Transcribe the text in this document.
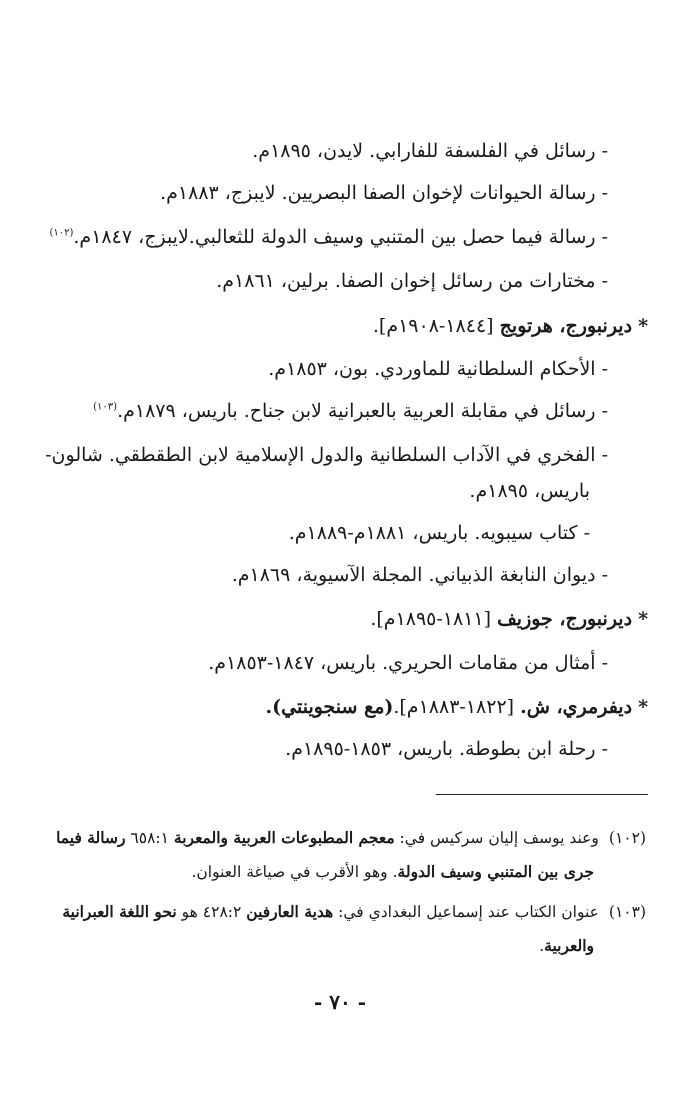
-رسائل في الفلسفة للفارابي. لايدن، ١٨٩٥م.
-رسالة الحيوانات لإخوان الصفا البصريين. لايبزج، ١٨٨٣م.
-رسالة فيما حصل بين المتنبي وسيف الدولة للثعالبي.لايبزج، ١٨٤٧م.$^{(١٠٢)}$
-مختارات من رسائل إخوان الصفا. برلين، ١٨٦١م.
*ديرنبورج، هرتويج [١٨٤٤-١٩٠٨م].
-الأحكام السلطانية للماوردي. بون، ١٨٥٣م.
-رسائل في مقابلة العربية بالعبرانية لابن جناح. باريس، ١٨٧٩م.$^{(١٠٣)}$
-الفخري في الآداب السلطانية والدول الإسلامية لابن الطقطقي. شالون-
باريس، ١٨٩٥م.
-كتاب سيبويه. باريس، ١٨٨١م-١٨٨٩م.
-ديوان النابغة الذبياني. المجلة الآسيوية، ١٨٦٩م.
*ديرنبورج، جوزيف [١٨١١-١٨٩٥م].
-أمثال من مقامات الحريري. باريس، ١٨٤٧-١٨٥٣م.
*ديفرمري، ش. [١٨٢٢-١٨٨٣م].(مع سنجوينتي).
-رحلة ابن بطوطة. باريس، ١٨٥٣-١٨٩٥م.
(١٠٢)وعند يوسف إليان سركيس في: معجم المطبوعات العربية والمعربة ٦٥٨:١ رسالة فيما
جرى بين المتنبي وسيف الدولة. وهو الأقرب في صياغة العنوان.
(١٠٣)عنوان الكتاب عند إسماعيل البغدادي في: هدية العارفين ٤٢٨:٢ هو نحو اللغة العبرانية
والعربية.
- ٧٠ -
